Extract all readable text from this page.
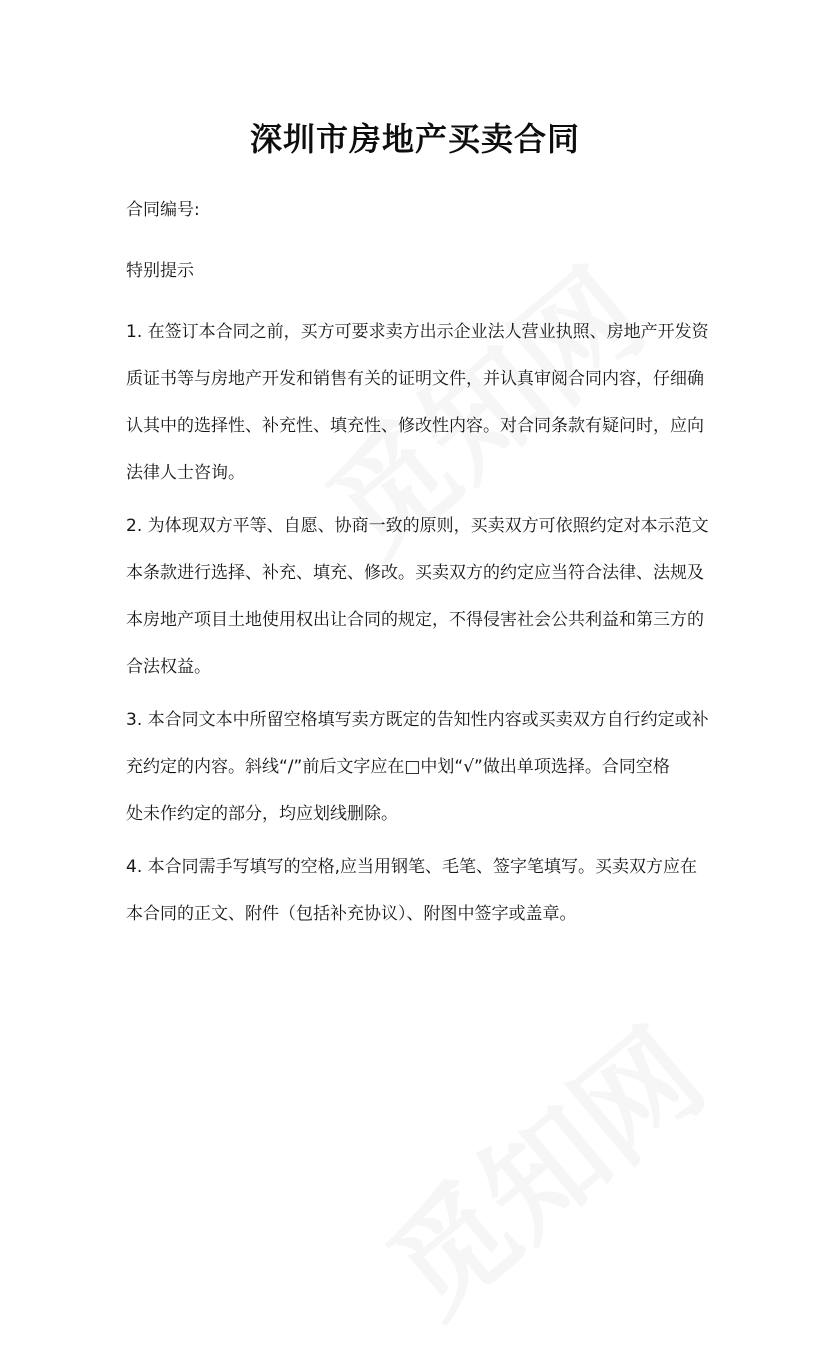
深圳市房地产买卖合同

合同编号:

特别提示

1. 在签订本合同之前，买方可要求卖方出示企业法人营业执照、房地产开发资
质证书等与房地产开发和销售有关的证明文件，并认真审阅合同内容，仔细确
认其中的选择性、补充性、填充性、修改性内容。对合同条款有疑问时，应向
法律人士咨询。
2. 为体现双方平等、自愿、协商一致的原则，买卖双方可依照约定对本示范文
本条款进行选择、补充、填充、修改。买卖双方的约定应当符合法律、法规及
本房地产项目土地使用权出让合同的规定，不得侵害社会公共利益和第三方的
合法权益。
3. 本合同文本中所留空格填写卖方既定的告知性内容或买卖双方自行约定或补
充约定的内容。斜线“/”前后文字应在□中划“√”做出单项选择。合同空格
处未作约定的部分，均应划线删除。
4. 本合同需手写填写的空格,应当用钢笔、毛笔、签字笔填写。买卖双方应在
本合同的正文、附件（包括补充协议）、附图中签字或盖章。
